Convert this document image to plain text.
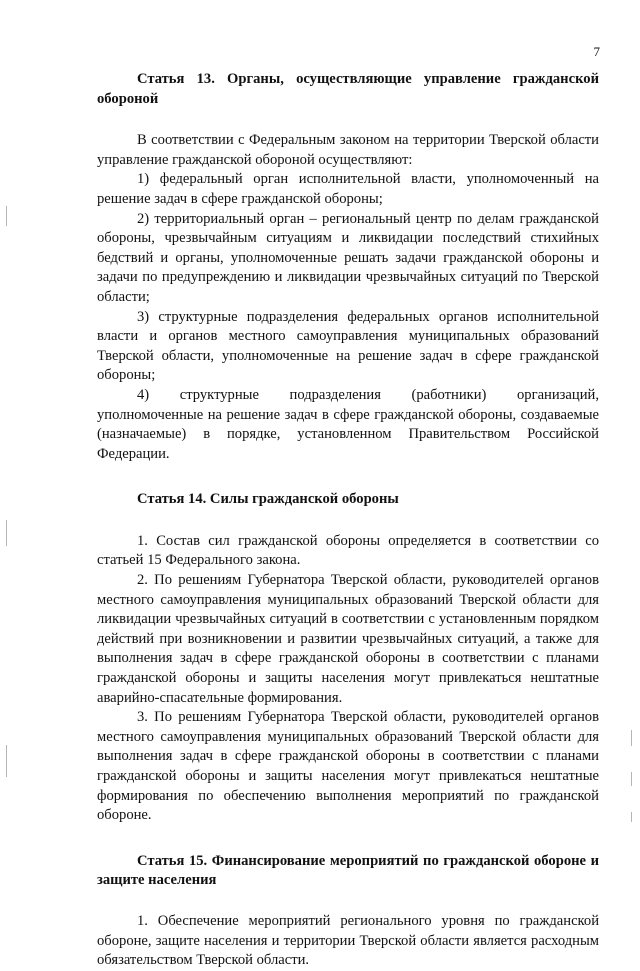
7

Статья 13. Органы, осуществляющие управление гражданской обороной

В соответствии с Федеральным законом на территории Тверской области управление гражданской обороной осуществляют:

1) федеральный орган исполнительной власти, уполномоченный на решение задач в сфере гражданской обороны;

2) территориальный орган – региональный центр по делам гражданской обороны, чрезвычайным ситуациям и ликвидации последствий стихийных бедствий и органы, уполномоченные решать задачи гражданской обороны и задачи по предупреждению и ликвидации чрезвычайных ситуаций по Тверской области;

3) структурные подразделения федеральных органов исполнительной власти и органов местного самоуправления муниципальных образований Тверской области, уполномоченные на решение задач в сфере гражданской обороны;

4) структурные подразделения (работники) организаций, уполномоченные на решение задач в сфере гражданской обороны, создаваемые (назначаемые) в порядке, установленном Правительством Российской Федерации.

Статья 14. Силы гражданской обороны

1. Состав сил гражданской обороны определяется в соответствии со статьей 15 Федерального закона.

2. По решениям Губернатора Тверской области, руководителей органов местного самоуправления муниципальных образований Тверской области для ликвидации чрезвычайных ситуаций в соответствии с установленным порядком действий при возникновении и развитии чрезвычайных ситуаций, а также для выполнения задач в сфере гражданской обороны в соответствии с планами гражданской обороны и защиты населения могут привлекаться нештатные аварийно-спасательные формирования.

3. По решениям Губернатора Тверской области, руководителей органов местного самоуправления муниципальных образований Тверской области для выполнения задач в сфере гражданской обороны в соответствии с планами гражданской обороны и защиты населения могут привлекаться нештатные формирования по обеспечению выполнения мероприятий по гражданской обороне.

Статья 15. Финансирование мероприятий по гражданской обороне и защите населения

1. Обеспечение мероприятий регионального уровня по гражданской обороне, защите населения и территории Тверской области является расходным обязательством Тверской области.
